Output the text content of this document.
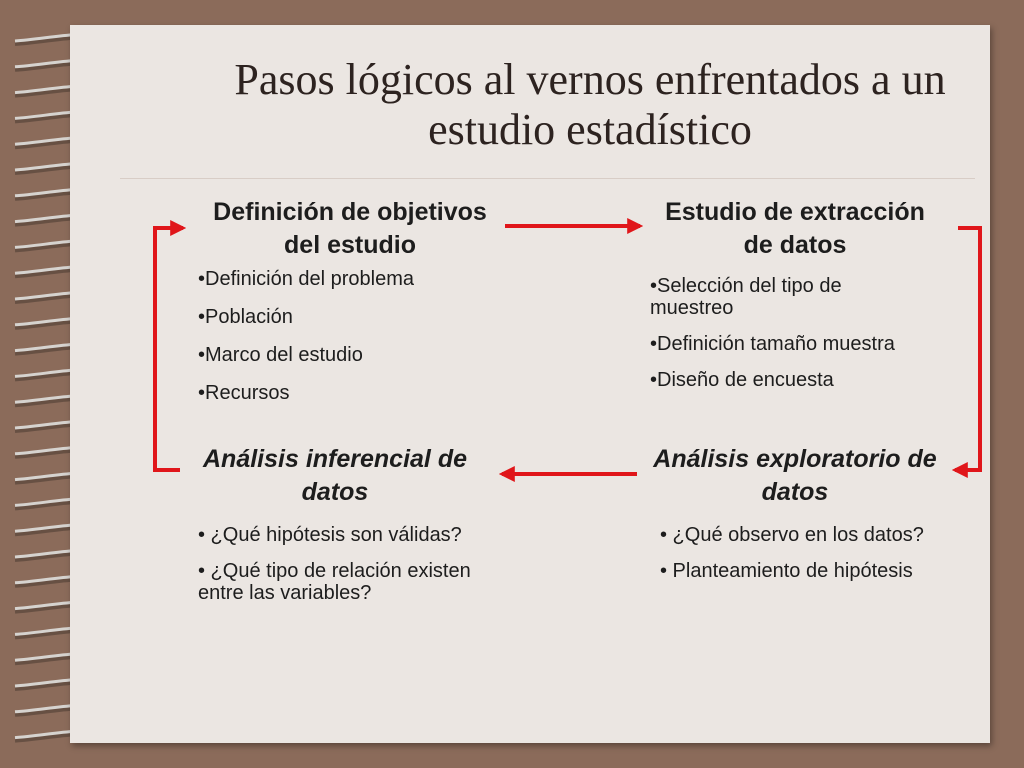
Pasos lógicos al vernos enfrentados a un estudio estadístico
Definición de objetivos del estudio
•Definición del problema
•Población
•Marco del estudio
•Recursos
Estudio de extracción de datos
•Selección del tipo de muestreo
•Definición tamaño muestra
•Diseño de encuesta
Análisis inferencial de datos
• ¿Qué hipótesis son válidas?
• ¿Qué tipo de relación existen entre las variables?
Análisis exploratorio de datos
• ¿Qué observo en los datos?
• Planteamiento de hipótesis
